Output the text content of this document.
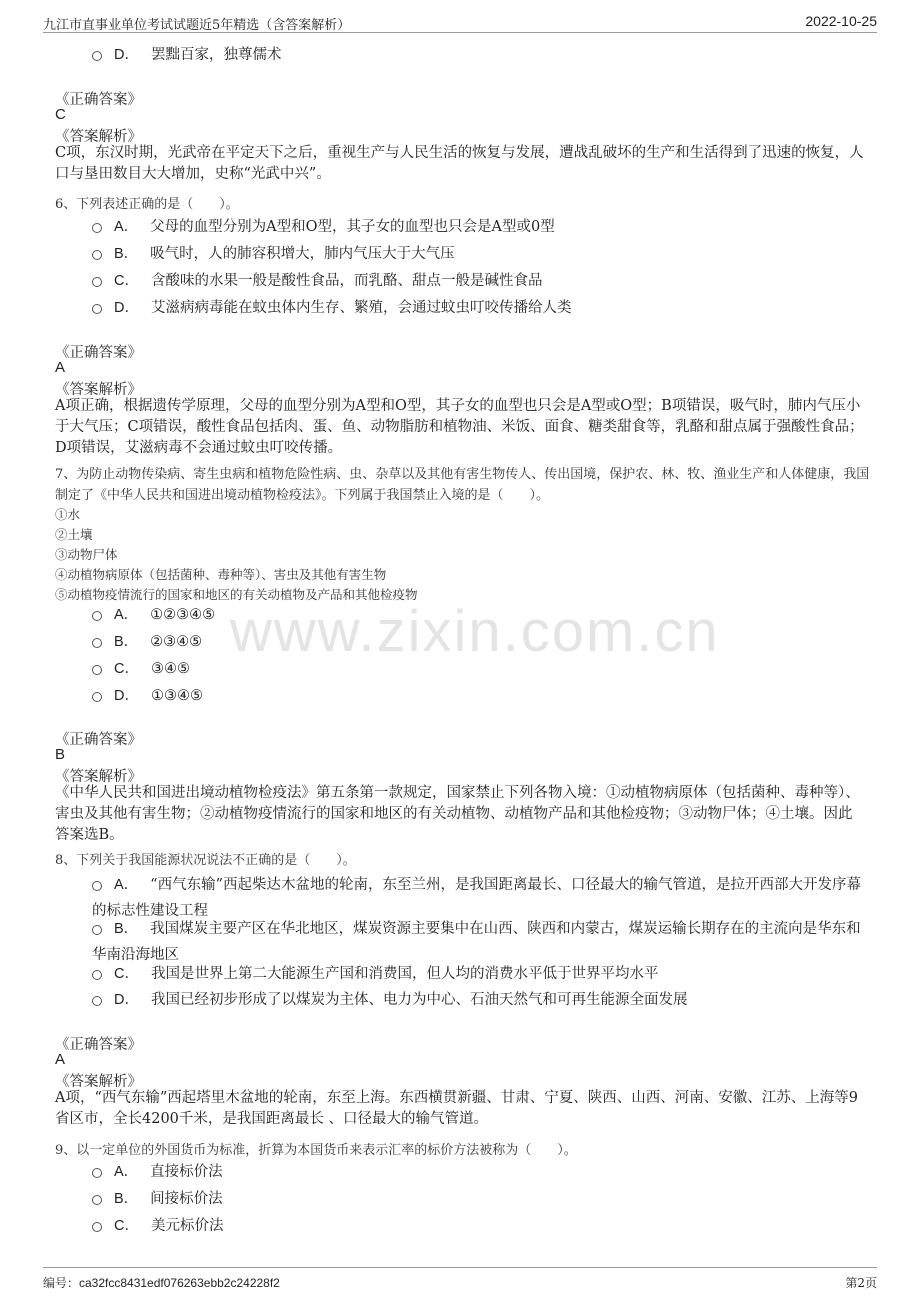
九江市直事业单位考试试题近5年精选（含答案解析）	2022-10-25
www.zixin.com.cn
D． 罢黜百家，独尊儒术
《正确答案》
C
《答案解析》
C项，东汉时期，光武帝在平定天下之后，重视生产与人民生活的恢复与发展，遭战乱破坏的生产和生活得到了迅速的恢复，人口与垦田数目大大增加，史称“光武中兴”。
6、下列表述正确的是（　　）。
A． 父母的血型分别为A型和O型，其子女的血型也只会是A型或0型
B． 吸气时，人的肺容积增大，肺内气压大于大气压
C． 含酸味的水果一般是酸性食品，而乳酪、甜点一般是碱性食品
D． 艾滋病病毒能在蚊虫体内生存、繁殖，会通过蚊虫叮咬传播给人类
《正确答案》
A
《答案解析》
A项正确，根据遗传学原理，父母的血型分别为A型和O型，其子女的血型也只会是A型或O型；B项错误，吸气时，肺内气压小于大气压；C项错误，酸性食品包括肉、蛋、鱼、动物脂肪和植物油、米饭、面食、糖类甜食等，乳酪和甜点属于强酸性食品；D项错误，艾滋病毒不会通过蚊虫叮咬传播。
7、为防止动物传染病、寄生虫病和植物危险性病、虫、杂草以及其他有害生物传人、传出国境，保护农、林、牧、渔业生产和人体健康，我国制定了《中华人民共和国进出境动植物检疫法》。下列属于我国禁止入境的是（　　）。
①水
②土壤
③动物尸体
④动植物病原体（包括菌种、毒种等）、害虫及其他有害生物
⑤动植物疫情流行的国家和地区的有关动植物及产品和其他检疫物
A． ①②③④⑤
B． ②③④⑤
C． ③④⑤
D． ①③④⑤
《正确答案》
B
《答案解析》
《中华人民共和国进出境动植物检疫法》第五条第一款规定，国家禁止下列各物入境：①动植物病原体（包括菌种、毒种等）、害虫及其他有害生物；②动植物疫情流行的国家和地区的有关动植物、动植物产品和其他检疫物；③动物尸体；④土壤。因此答案选B。
8、下列关于我国能源状况说法不正确的是（　　）。
A． “西气东输”西起柴达木盆地的轮南，东至兰州，是我国距离最长、口径最大的输气管道，是拉开西部大开发序幕的标志性建设工程
B． 我国煤炭主要产区在华北地区，煤炭资源主要集中在山西、陕西和内蒙古，煤炭运输长期存在的主流向是华东和华南沿海地区
C． 我国是世界上第二大能源生产国和消费国，但人均的消费水平低于世界平均水平
D． 我国已经初步形成了以煤炭为主体、电力为中心、石油天然气和可再生能源全面发展
《正确答案》
A
《答案解析》
A项，“西气东输”西起塔里木盆地的轮南，东至上海。东西横贯新疆、甘肃、宁夏、陕西、山西、河南、安徽、江苏、上海等9省区市，全长4200千米，是我国距离最长 、口径最大的输气管道。
9、以一定单位的外国货币为标准，折算为本国货币来表示汇率的标价方法被称为（　　）。
A． 直接标价法
B． 间接标价法
C． 美元标价法
编号：ca32fcc8431edf076263ebb2c24228f2	第2页
